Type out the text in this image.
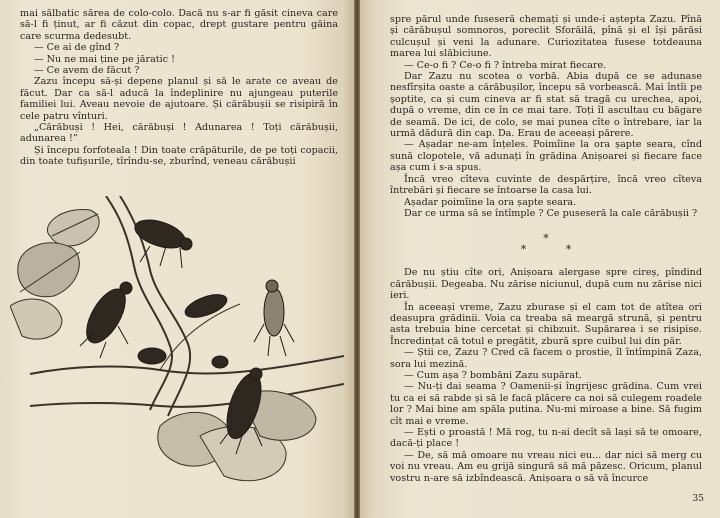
mai sălbatic sărea de colo-colo. Dacă nu s-ar fi găsit cineva care să-l fi ținut, ar fi căzut din copac, drept gustare pentru găina care scurma dedesubt.

— Ce ai de gînd ?

— Nu ne mai ține pe jăratic !

— Ce avem de făcut ?

Zazu începu să-și depene planul și să le arate ce aveau de făcut. Dar ca să-l aducă la îndeplinire nu ajungeau puterile familiei lui. Aveau nevoie de ajutoare. Și cărăbușii se risipiră în cele patru vînturi.

„Cărăbuși ! Hei, cărăbuși ! Adunarea ! Toți cărăbușii, adunarea !”

Și începu forfoteala ! Din toate crăpăturile, de pe toți copacii, din toate tufișurile, tîrîndu-se, zburînd, veneau cărăbușii

spre părul unde fuseseră chemați și unde-i aștepta Zazu. Pînă și cărăbușul somnoros, poreclit Sforăilă, pînă și el își părăsi culcușul și veni la adunare. Curiozitatea fusese totdeauna marea lui slăbiciune.

— Ce-o fi ? Ce-o fi ? întreba mirat fiecare.

Dar Zazu nu scotea o vorbă. Abia după ce se adunase nesfîrșita oaste a cărăbușilor, începu să vorbească. Mai întîi pe șoptite, ca și cum cineva ar fi stat să tragă cu urechea, apoi, după o vreme, din ce în ce mai tare. Toți îl ascultau cu băgare de seamă. De ici, de colo, se mai punea cîte o întrebare, iar la urmă dădură din cap. Da. Erau de aceeași părere.

— Așadar ne-am înțeles. Poimîine la ora șapte seara, cînd sună clopotele, vă adunați în grădina Anișoarei și fiecare face așa cum i s-a spus.

Încă vreo cîteva cuvinte de despărțire, încă vreo cîteva întrebări și fiecare se întoarse la casa lui.

Așadar poimîine la ora șapte seara.

Dar ce urma să se întîmple ? Ce puseseră la cale cărăbușii ?

*
* *

De nu știu cîte ori, Anișoara alergase spre cireș, pîndind cărăbușii. Degeaba. Nu zărise niciunul, după cum nu zărise nici ieri.

În aceeași vreme, Zazu zburase și el cam tot de atîtea ori deasupra grădinii. Voia ca treaba să meargă strună, și pentru asta trebuia bine cercetat și chibzuit. Supărarea i se risipise. Încredințat că totul e pregătit, zbură spre cuibul lui din păr.

— Știi ce, Zazu ? Cred că facem o prostie, îl întîmpină Zaza, sora lui mezină.

— Cum așa ? bombăni Zazu supărat.

— Nu-ți dai seama ? Oamenii-și îngrijesc grădina. Cum vrei tu ca ei să rabde și să le facă plăcere ca noi să culegem roadele lor ? Mai bine am spăla putina. Nu-mi miroase a bine. Să fugim cît mai e vreme.

— Ești o proastă ! Mă rog, tu n-ai decît să lași să te omoare, dacă-ți place !

— De, să mă omoare nu vreau nici eu... dar nici să merg cu voi nu vreau. Am eu grijă singură să mă păzesc. Oricum, planul vostru n-are să izbîndească. Anișoara o să vă încurce

35
